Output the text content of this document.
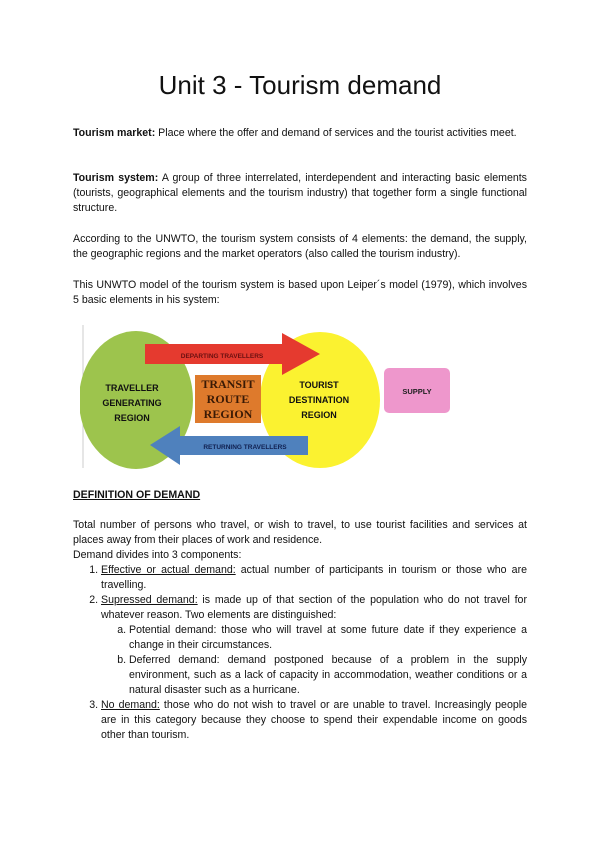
Unit 3 - Tourism demand

Tourism market: Place where the offer and demand of services and the tourist activities meet.

Tourism system: A group of three interrelated, interdependent and interacting basic elements (tourists, geographical elements and the tourism industry) that together form a single functional structure.

According to the UNWTO, the tourism system consists of 4 elements: the demand, the supply, the geographic regions and the market operators (also called the tourism industry).

This UNWTO model of the tourism system is based upon Leiper´s model (1979), which involves 5 basic elements in his system:

DEPARTING TRAVELLERS
RETURNING TRAVELLERS
TRANSIT
ROUTE
REGION
TRAVELLER
GENERATING
REGION
TOURIST
DESTINATION
REGION
SUPPLY
DEFINITION OF DEMAND
Total number of persons who travel, or wish to travel, to use tourist facilities and services at places away from their places of work and residence.
Demand divides into 3 components:
1. Effective or actual demand: actual number of participants in tourism or those who are travelling.
2. Supressed demand: is made up of that section of the population who do not travel for whatever reason. Two elements are distinguished:
a. Potential demand: those who will travel at some future date if they experience a change in their circumstances.
b. Deferred demand: demand postponed because of a problem in the supply environment, such as a lack of capacity in accommodation, weather conditions or a natural disaster such as a hurricane.
3. No demand: those who do not wish to travel or are unable to travel. Increasingly people are in this category because they choose to spend their expendable income on goods other than tourism.
